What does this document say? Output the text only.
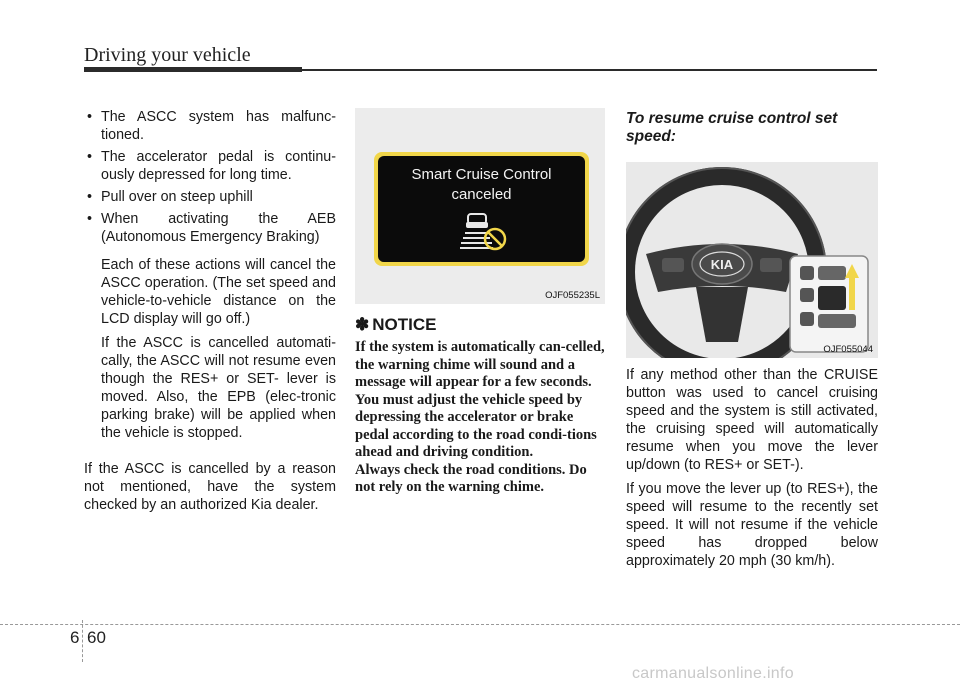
Driving your vehicle
• The ASCC system has malfunc-tioned.
• The accelerator pedal is continu-ously depressed for long time.
• Pull over on steep uphill
• When activating the AEB (Autonomous Emergency Braking)

Each of these actions will cancel the ASCC operation. (The set speed and vehicle-to-vehicle distance on the LCD display will go off.)

If the ASCC is cancelled automati-cally, the ASCC will not resume even though the RES+ or SET- lever is moved. Also, the EPB (elec-tronic parking brake) will be applied when the vehicle is stopped.

If the ASCC is cancelled by a reason not mentioned, have the system checked by an authorized Kia dealer.

Smart Cruise Control
canceled
OJF055235L
✽ NOTICE

If the system is automatically can-celled, the warning chime will sound and a message will appear for a few seconds.

You must adjust the vehicle speed by depressing the accelerator or brake pedal according to the road condi-tions ahead and driving condition.

Always check the road conditions. Do not rely on the warning chime.

To resume cruise control set speed:
KIA
OJF055044

If any method other than the CRUISE button was used to cancel cruising speed and the system is still activated, the cruising speed will automatically resume when you move the lever up/down (to RES+ or SET-).

If you move the lever up (to RES+), the speed will resume to the recently set speed. It will not resume if the vehicle speed has dropped below approximately 20 mph (30 km/h).

6 60
carmanualsonline.info
